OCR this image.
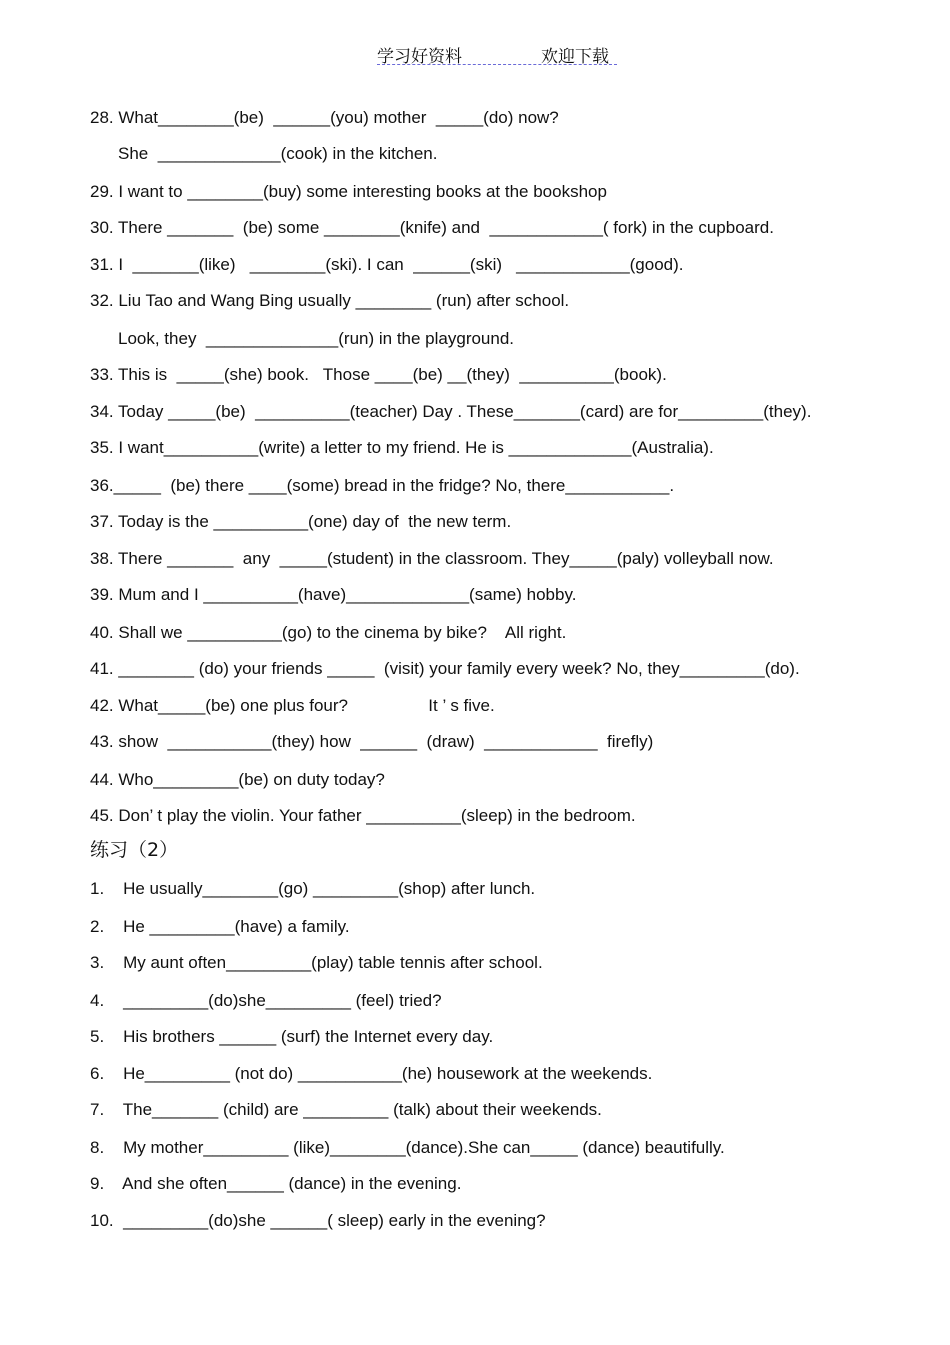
学习好资料	欢迎下载
28. What________(be)  ______(you) mother  _____(do) now?
She  _____________(cook) in the kitchen.
29. I want to ________(buy) some interesting books at the bookshop
30. There _______  (be) some ________(knife) and  ____________( fork) in the cupboard.
31. I  _______(like)   ________(ski). I can  ______(ski)   ____________(good).
32. Liu Tao and Wang Bing usually ________ (run) after school.
Look, they  ______________(run) in the playground.
33. This is  _____(she) book.   Those ____(be) __(they)  __________(book).
34. Today _____(be)  __________(teacher) Day . These_______(card) are for_________(they).
35. I want__________(write) a letter to my friend. He is _____________(Australia).
36._____  (be) there ____(some) bread in the fridge? No, there___________.
37. Today is the __________(one) day of  the new term.
38. There _______  any  _____(student) in the classroom. They_____(paly) volleyball now.
39. Mum and I __________(have)_____________(same) hobby.
40. Shall we __________(go) to the cinema by bike?    All right.
41. ________ (do) your friends _____  (visit) your family every week? No, they_________(do).
42. What_____(be) one plus four?                 It ’ s five.
43. show  ___________(they) how  ______  (draw)  ____________  firefly)
44. Who_________(be) on duty today?
45. Don’ t play the violin. Your father __________(sleep) in the bedroom.
练习（2）
1.    He usually________(go) _________(shop) after lunch.
2.    He _________(have) a family.
3.    My aunt often_________(play) table tennis after school.
4.    _________(do)she_________ (feel) tried?
5.    His brothers ______ (surf) the Internet every day.
6.    He_________ (not do) ___________(he) housework at the weekends.
7.    The_______ (child) are _________ (talk) about their weekends.
8.    My mother_________ (like)________(dance).She can_____ (dance) beautifully.
9.    And she often______ (dance) in the evening.
10.  _________(do)she ______( sleep) early in the evening?
